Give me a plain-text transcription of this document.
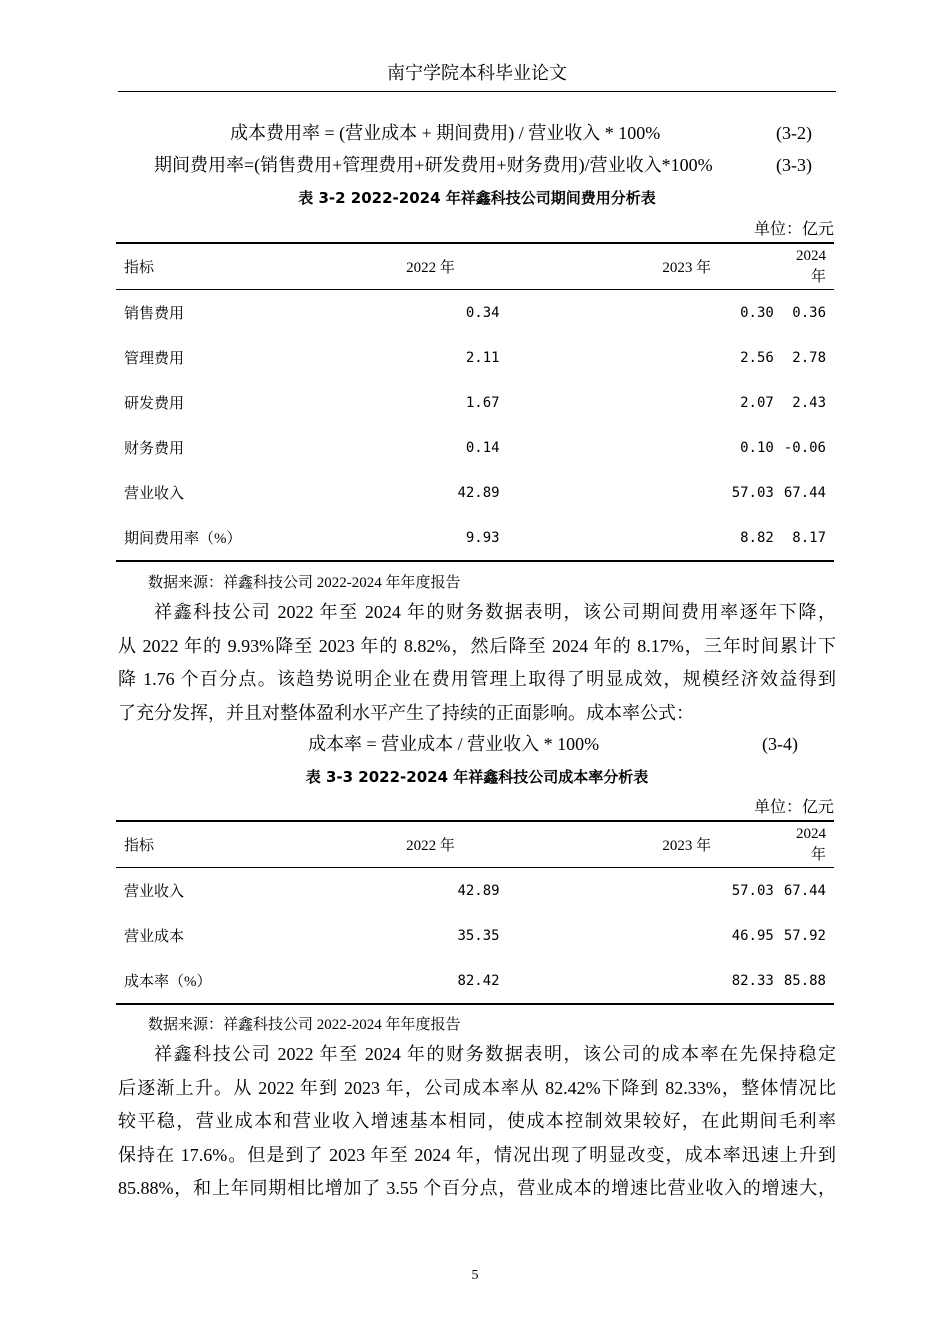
南宁学院本科毕业论文
成本费用率 = (营业成本 + 期间费用) / 营业收入 * 100%	(3-2)
期间费用率=(销售费用+管理费用+研发费用+财务费用)/营业收入*100%	(3-3)
表 3-2 2022-2024 年祥鑫科技公司期间费用分析表
单位：亿元
指标	2022 年	2023 年	2024 年
销售费用	0.34	0.30	0.36
管理费用	2.11	2.56	2.78
研发费用	1.67	2.07	2.43
财务费用	0.14	0.10	-0.06
营业收入	42.89	57.03	67.44
期间费用率（%）	9.93	8.82	8.17
数据来源：祥鑫科技公司 2022-2024 年年度报告
祥鑫科技公司 2022 年至 2024 年的财务数据表明，该公司期间费用率逐年下降，
从 2022 年的 9.93%降至 2023 年的 8.82%，然后降至 2024 年的 8.17%，三年时间累计下
降 1.76 个百分点。该趋势说明企业在费用管理上取得了明显成效，规模经济效益得到
了充分发挥，并且对整体盈利水平产生了持续的正面影响。成本率公式：
成本率 = 营业成本 / 营业收入 * 100%	(3-4)
表 3-3 2022-2024 年祥鑫科技公司成本率分析表
单位：亿元
指标	2022 年	2023 年	2024 年
营业收入	42.89	57.03	67.44
营业成本	35.35	46.95	57.92
成本率（%）	82.42	82.33	85.88
数据来源：祥鑫科技公司 2022-2024 年年度报告
祥鑫科技公司 2022 年至 2024 年的财务数据表明，该公司的成本率在先保持稳定
后逐渐上升。从 2022 年到 2023 年，公司成本率从 82.42%下降到 82.33%，整体情况比
较平稳，营业成本和营业收入增速基本相同，使成本控制效果较好，在此期间毛利率
保持在 17.6%。但是到了 2023 年至 2024 年，情况出现了明显改变，成本率迅速上升到
85.88%，和上年同期相比增加了 3.55 个百分点，营业成本的增速比营业收入的增速大，
5
